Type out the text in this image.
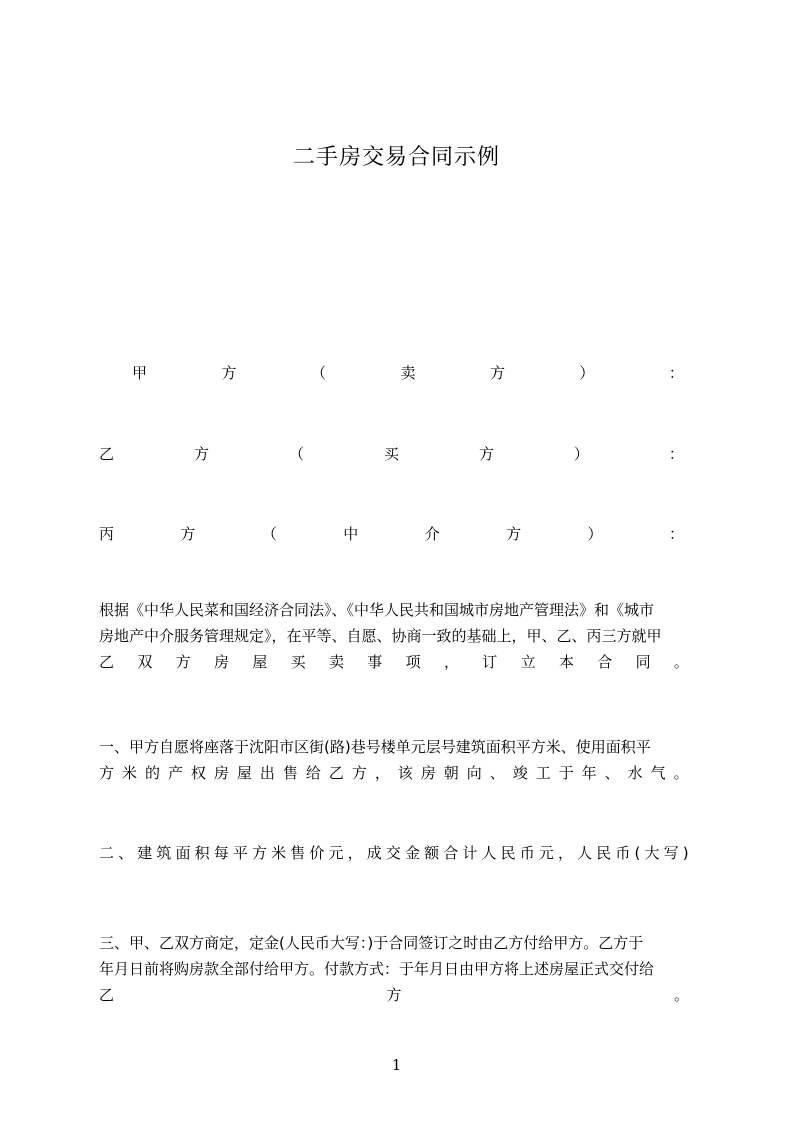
二手房交易合同示例
甲	方	（	卖	方	）	：
乙	方	（	买	方	）	：
丙	方	（	中	介	方	）	：
根据《中华人民菜和国经济合同法》、《中华人民共和国城市房地产管理法》和《城市
房地产中介服务管理规定》，在平等、自愿、协商一致的基础上，甲、乙、丙三方就甲
乙 双 方 房 屋 买 卖 事 项 ， 订 立 本 合 同 。
一、甲方自愿将座落于沈阳市区街(路)巷号楼单元层号建筑面积平方米、使用面积平
方 米 的 产 权 房 屋 出 售 给 乙 方 ， 该 房 朝 向 、 竣 工 于 年 、 水 气 。
二 、 建 筑 面 积 每 平 方 米 售 价 元 ， 成 交 金 额 合 计 人 民 币 元 ， 人 民 币 ( 大 写 )
三、甲、乙双方商定，定金(人民币大写：)于合同签订之时由乙方付给甲方。乙方于
年月日前将购房款全部付给甲方。付款方式：于年月日由甲方将上述房屋正式交付给
乙	方	。
1
